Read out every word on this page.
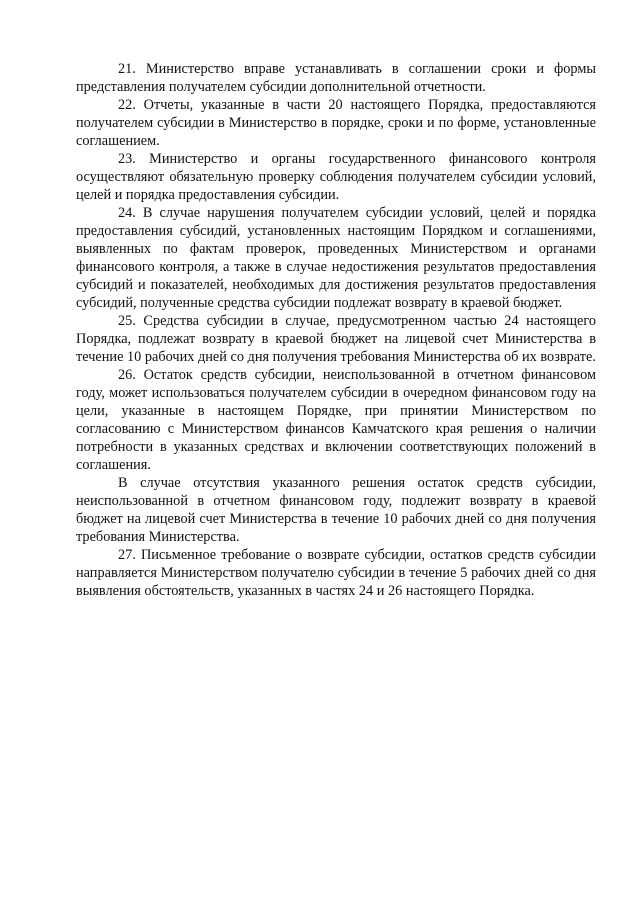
21. Министерство вправе устанавливать в соглашении сроки и формы представления получателем субсидии дополнительной отчетности.

22. Отчеты, указанные в части 20 настоящего Порядка, предоставляются получателем субсидии в Министерство в порядке, сроки и по форме, установленные соглашением.

23. Министерство и органы государственного финансового контроля осуществляют обязательную проверку соблюдения получателем субсидии условий, целей и порядка предоставления субсидии.

24. В случае нарушения получателем субсидии условий, целей и порядка предоставления субсидий, установленных настоящим Порядком и соглашениями, выявленных по фактам проверок, проведенных Министерством и органами финансового контроля, а также в случае недостижения результатов предоставления субсидий и показателей, необходимых для достижения результатов предоставления субсидий, полученные средства субсидии подлежат возврату в краевой бюджет.

25. Средства субсидии в случае, предусмотренном частью 24 настоящего Порядка, подлежат возврату в краевой бюджет на лицевой счет Министерства в течение 10 рабочих дней со дня получения требования Министерства об их возврате.

26. Остаток средств субсидии, неиспользованной в отчетном финансовом году, может использоваться получателем субсидии в очередном финансовом году на цели, указанные в настоящем Порядке, при принятии Министерством по согласованию с Министерством финансов Камчатского края решения о наличии потребности в указанных средствах и включении соответствующих положений в соглашения.

В случае отсутствия указанного решения остаток средств субсидии, неиспользованной в отчетном финансовом году, подлежит возврату в краевой бюджет на лицевой счет Министерства в течение 10 рабочих дней со дня получения требования Министерства.

27. Письменное требование о возврате субсидии, остатков средств субсидии направляется Министерством получателю субсидии в течение 5 рабочих дней со дня выявления обстоятельств, указанных в частях 24 и 26 настоящего Порядка.
